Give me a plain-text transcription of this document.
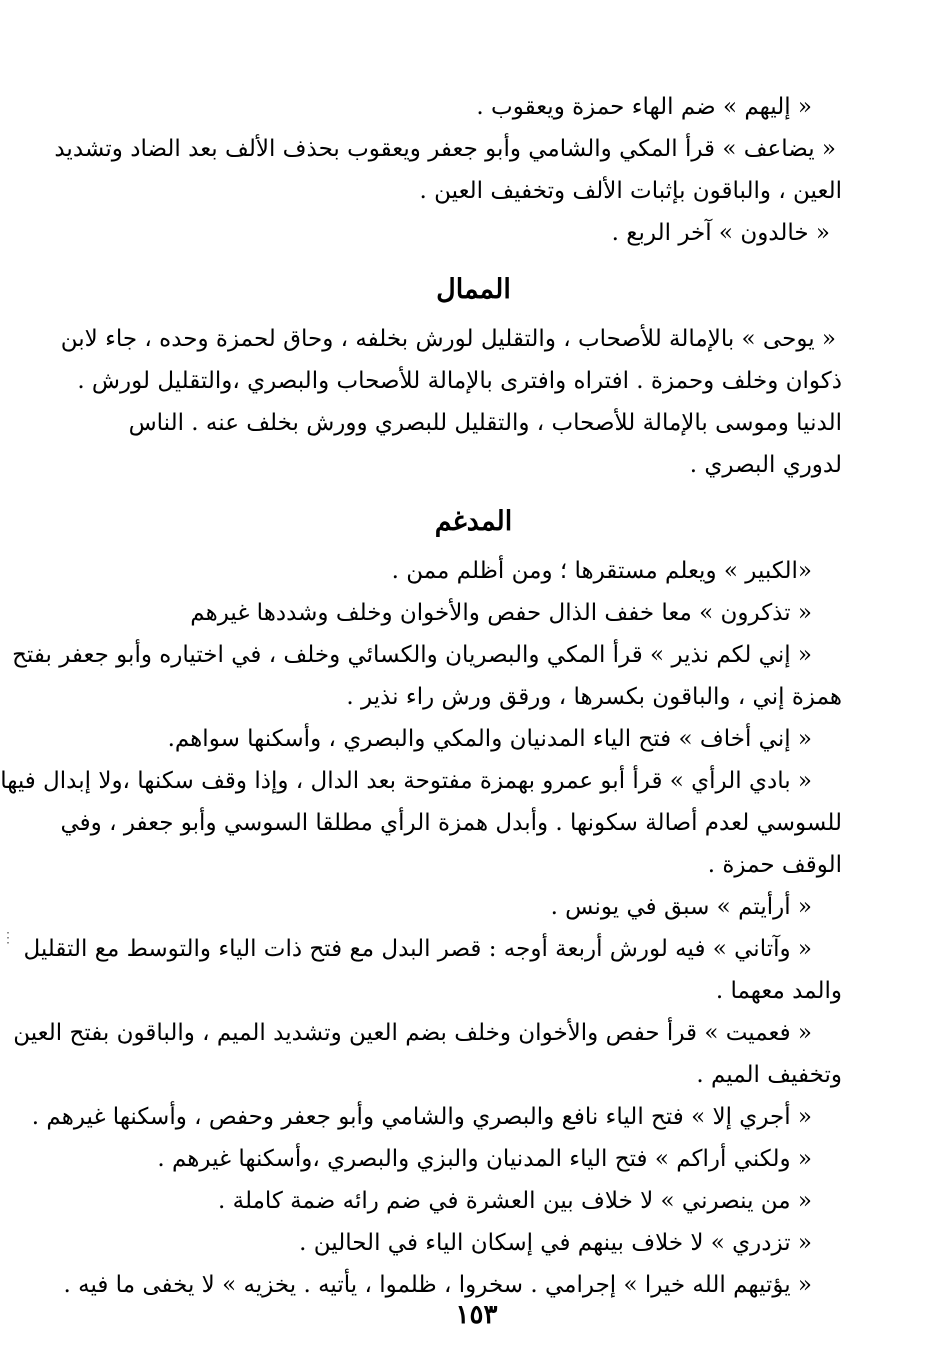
« إليهم » ضم الهاء حمزة ويعقوب .
« يضاعف » قرأ المكي والشامي وأبو جعفر ويعقوب بحذف الألف بعد الضاد وتشديد
العين ، والباقون بإثبات الألف وتخفيف العين .
« خالدون » آخر الربع .
الممال
« يوحى » بالإمالة للأصحاب ، والتقليل لورش بخلفه ، وحاق لحمزة وحده ، جاء لابن
ذكوان وخلف وحمزة . افتراه وافترى بالإمالة للأصحاب والبصري ،والتقليل لورش .
الدنيا وموسى بالإمالة للأصحاب ، والتقليل للبصري وورش بخلف عنه . الناس
لدوري البصري .
المدغم
«الكبير » ويعلم مستقرها ؛ ومن أظلم ممن .
« تذكرون » معا خفف الذال حفص والأخوان وخلف وشددها غيرهم
« إني لكم نذير » قرأ المكي والبصريان والكسائي وخلف ، في اختياره وأبو جعفر بفتح
همزة إني ، والباقون بكسرها ، ورقق ورش راء نذير .
« إني أخاف » فتح الياء المدنيان والمكي والبصري ، وأسكنها سواهم.
« بادي الرأي » قرأ أبو عمرو بهمزة مفتوحة بعد الدال ، وإذا وقف سكنها ،ولا إبدال فيها
للسوسي لعدم أصالة سكونها . وأبدل همزة الرأي مطلقا السوسي وأبو جعفر ، وفي
الوقف حمزة .
« أرأيتم » سبق في يونس .
« وآتاني » فيه لورش أربعة أوجه : قصر البدل مع فتح ذات الياء والتوسط مع التقليل
والمد معهما .
« فعميت » قرأ حفص والأخوان وخلف بضم العين وتشديد الميم ، والباقون بفتح العين
وتخفيف الميم .
« أجري إلا » فتح الياء نافع والبصري والشامي وأبو جعفر وحفص ، وأسكنها غيرهم .
« ولكني أراكم » فتح الياء المدنيان والبزي والبصري ،وأسكنها غيرهم .
« من ينصرني » لا خلاف بين العشرة في ضم رائه ضمة كاملة .
« تزدري » لا خلاف بينهم في إسكان الياء في الحالين .
« يؤتيهم الله خيرا » إجرامي . سخروا ، ظلموا ، يأتيه . يخزيه » لا يخفى ما فيه .
⋮
١٥٣
